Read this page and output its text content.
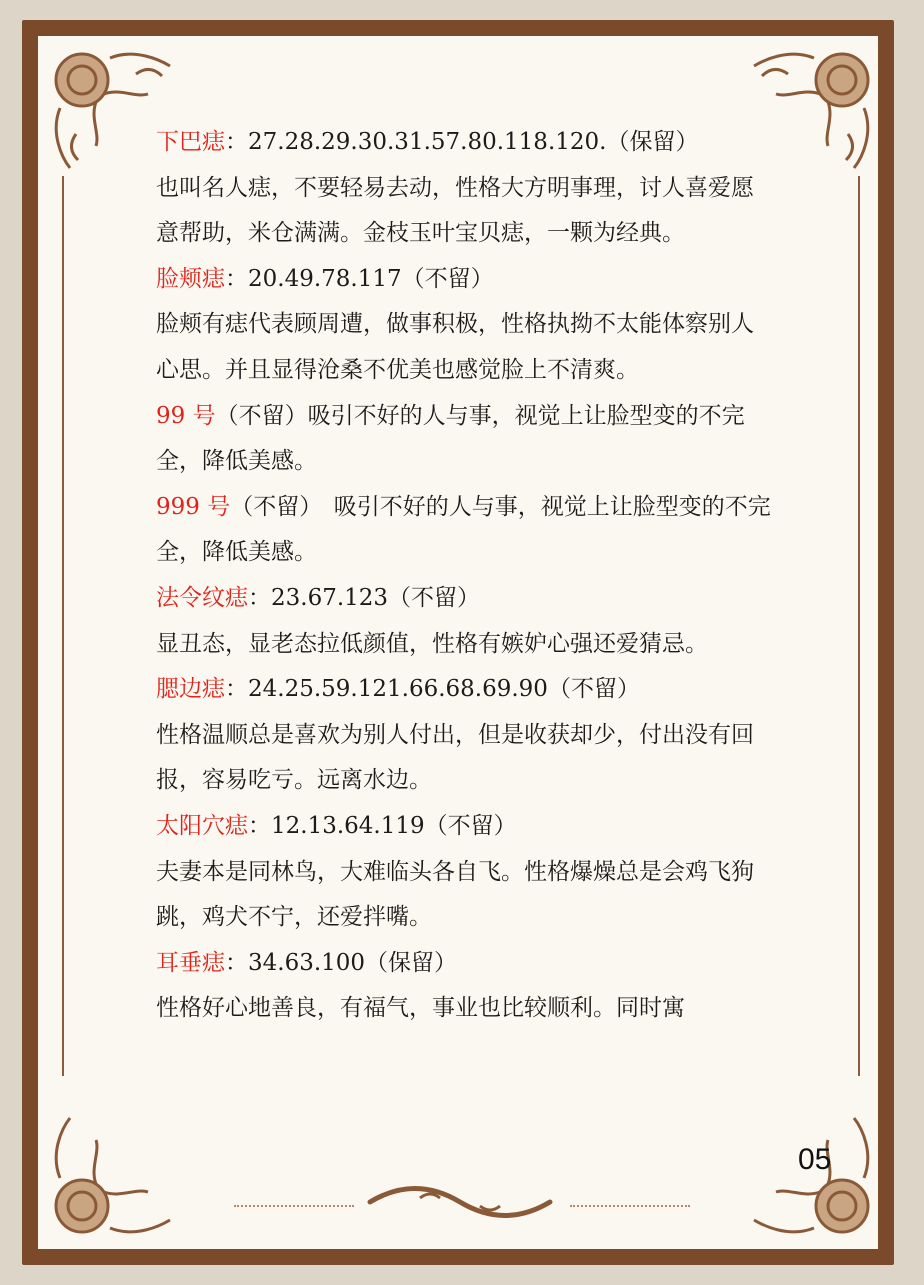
下巴痣：27.28.29.30.31.57.80.118.120.（保留）

也叫名人痣，不要轻易去动，性格大方明事理，讨人喜爱愿意帮助，米仓满满。金枝玉叶宝贝痣，一颗为经典。

脸颊痣：20.49.78.117（不留）

脸颊有痣代表顾周遭，做事积极，性格执拗不太能体察别人心思。并且显得沧桑不优美也感觉脸上不清爽。

99 号（不留）吸引不好的人与事，视觉上让脸型变的不完全，降低美感。

999 号（不留）　吸引不好的人与事，视觉上让脸型变的不完全，降低美感。

法令纹痣：23.67.123（不留）

显丑态，显老态拉低颜值，性格有嫉妒心强还爱猜忌。

腮边痣：24.25.59.121.66.68.69.90（不留）

性格温顺总是喜欢为别人付出，但是收获却少，付出没有回报，容易吃亏。远离水边。

太阳穴痣：12.13.64.119（不留）

夫妻本是同林鸟，大难临头各自飞。性格爆燥总是会鸡飞狗跳，鸡犬不宁，还爱拌嘴。

耳垂痣：34.63.100（保留）

性格好心地善良，有福气，事业也比较顺利。同时寓

05
